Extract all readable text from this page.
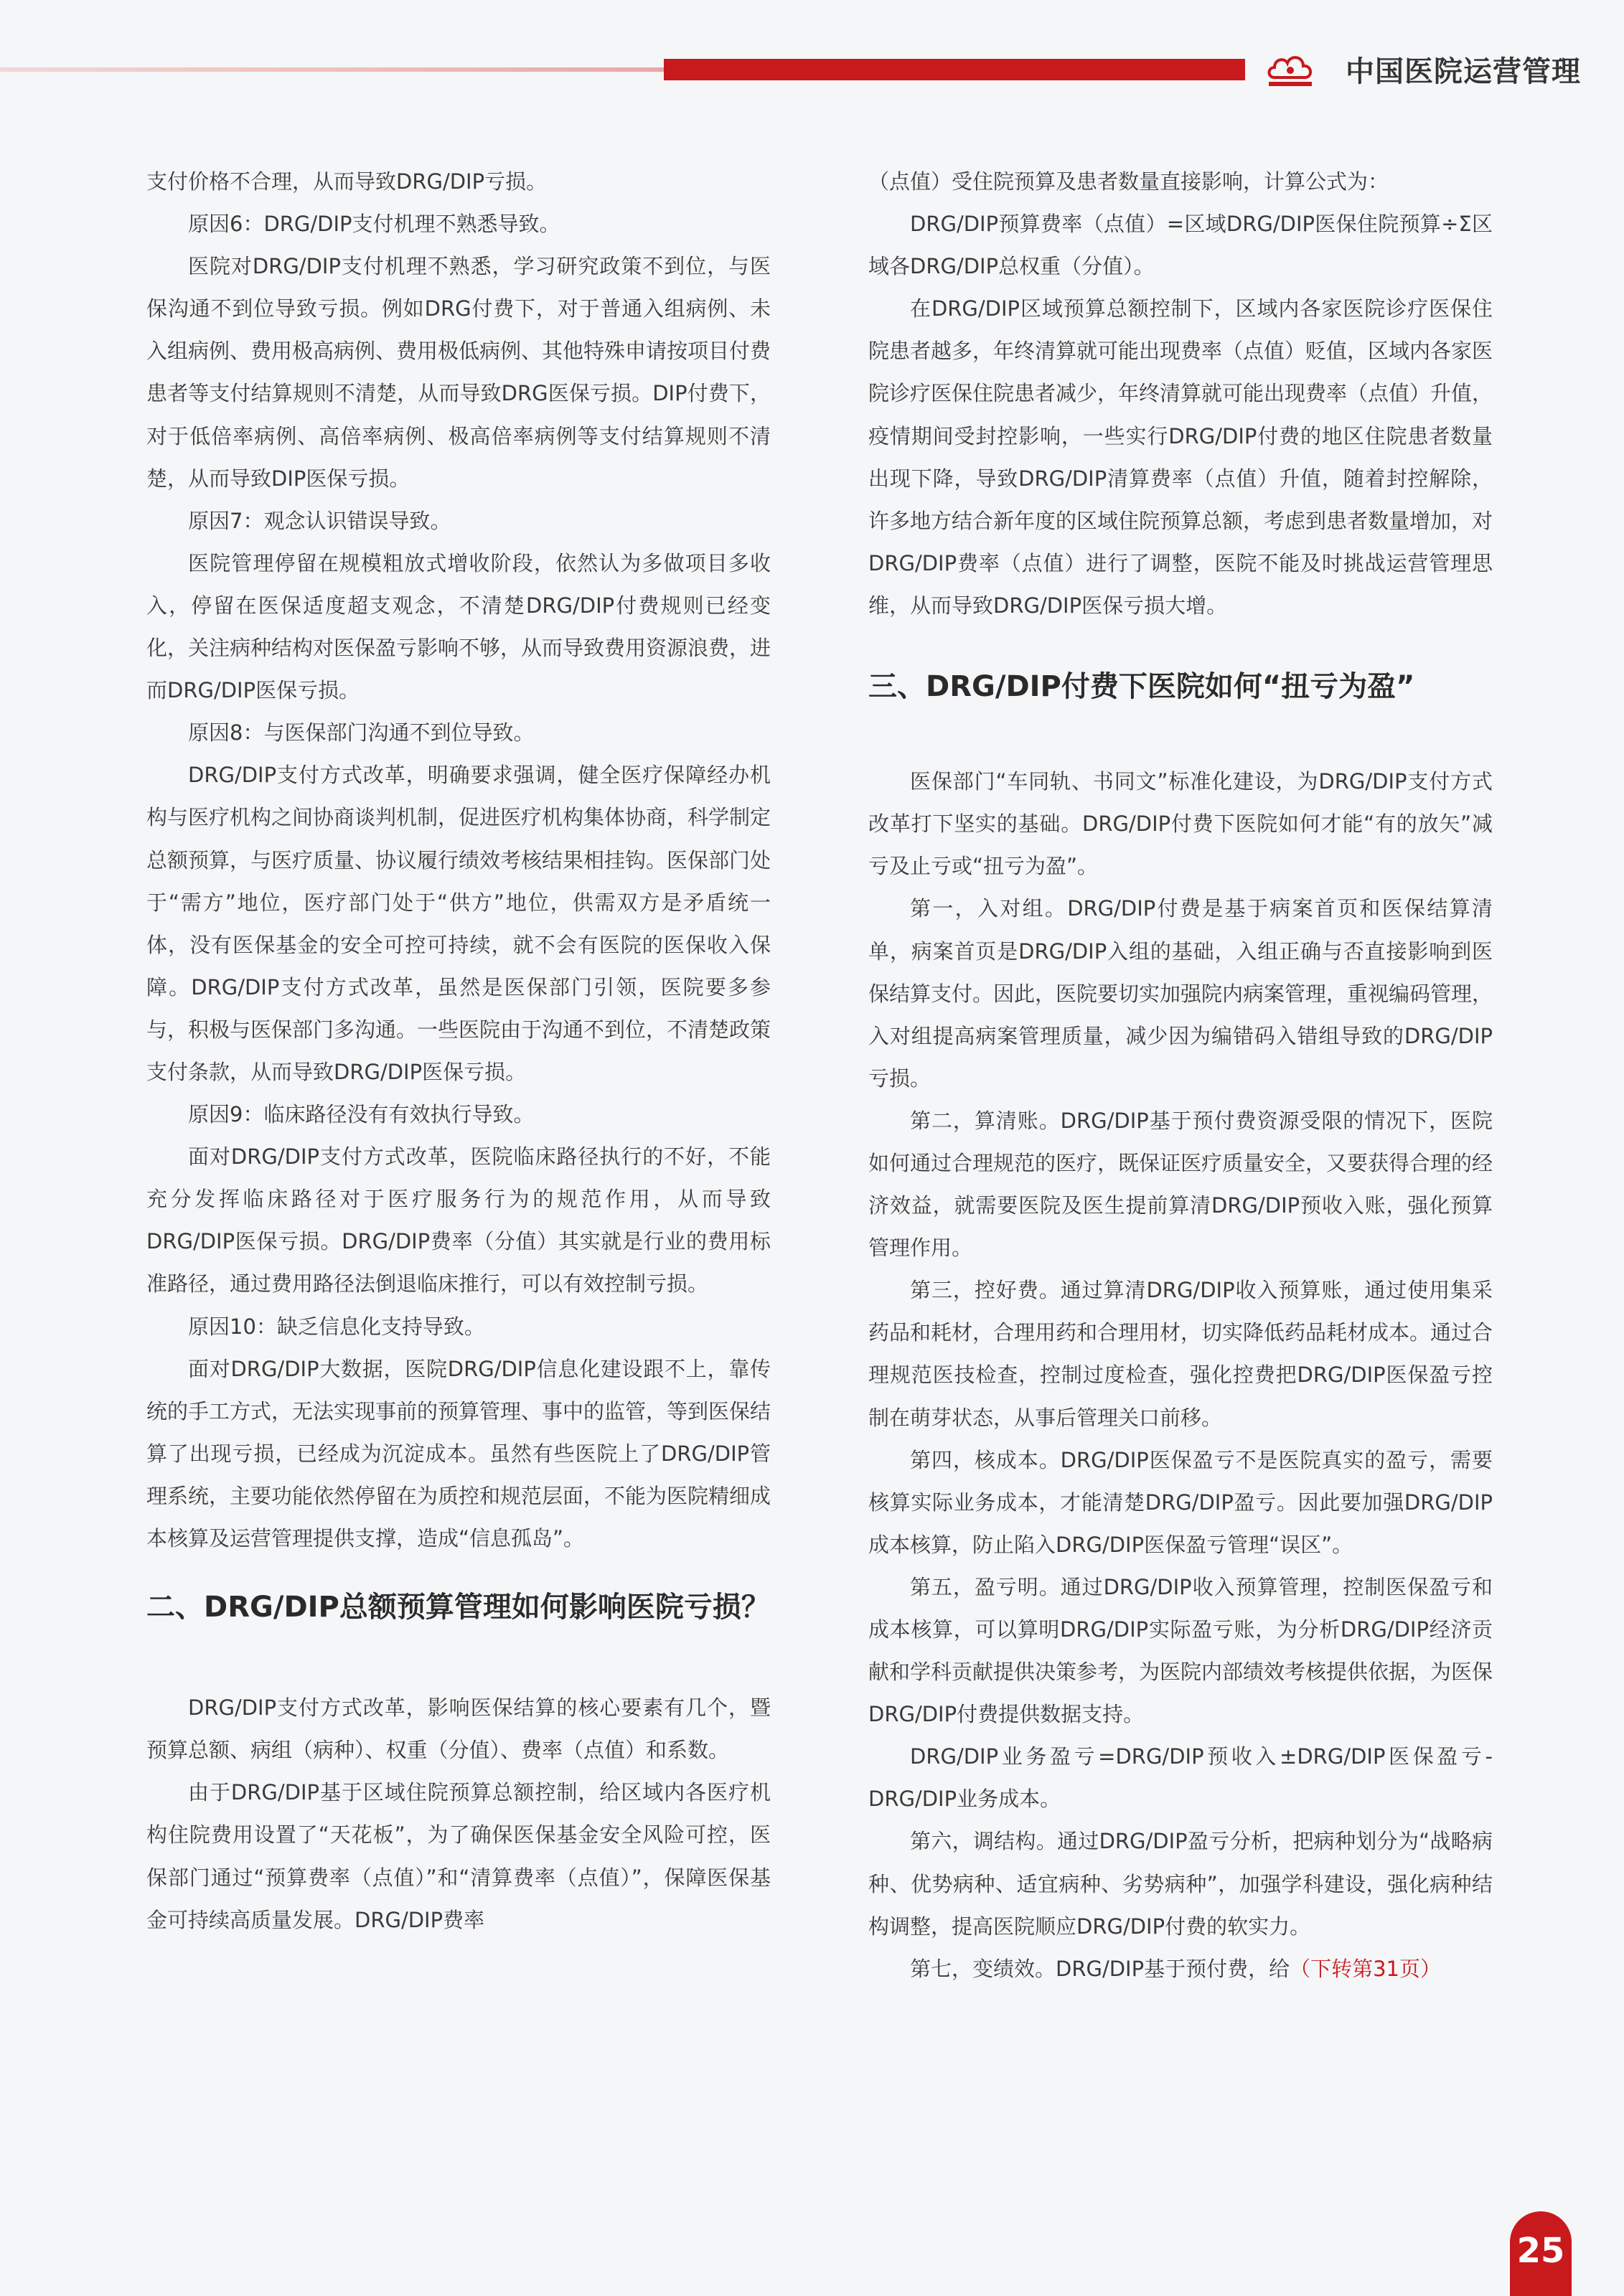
中国医院运营管理

支付价格不合理，从而导致DRG/DIP亏损。

原因6：DRG/DIP支付机理不熟悉导致。

医院对DRG/DIP支付机理不熟悉，学习研究政策不到位，与医保沟通不到位导致亏损。例如DRG付费下，对于普通入组病例、未入组病例、费用极高病例、费用极低病例、其他特殊申请按项目付费患者等支付结算规则不清楚，从而导致DRG医保亏损。DIP付费下，对于低倍率病例、高倍率病例、极高倍率病例等支付结算规则不清楚，从而导致DIP医保亏损。

原因7：观念认识错误导致。

医院管理停留在规模粗放式增收阶段，依然认为多做项目多收入，停留在医保适度超支观念，不清楚DRG/DIP付费规则已经变化，关注病种结构对医保盈亏影响不够，从而导致费用资源浪费，进而DRG/DIP医保亏损。

原因8：与医保部门沟通不到位导致。

DRG/DIP支付方式改革，明确要求强调，健全医疗保障经办机构与医疗机构之间协商谈判机制，促进医疗机构集体协商，科学制定总额预算，与医疗质量、协议履行绩效考核结果相挂钩。医保部门处于“需方”地位，医疗部门处于“供方”地位，供需双方是矛盾统一体，没有医保基金的安全可控可持续，就不会有医院的医保收入保障。DRG/DIP支付方式改革，虽然是医保部门引领，医院要多参与，积极与医保部门多沟通。一些医院由于沟通不到位，不清楚政策支付条款，从而导致DRG/DIP医保亏损。

原因9：临床路径没有有效执行导致。

面对DRG/DIP支付方式改革，医院临床路径执行的不好，不能充分发挥临床路径对于医疗服务行为的规范作用，从而导致DRG/DIP医保亏损。DRG/DIP费率（分值）其实就是行业的费用标准路径，通过费用路径法倒退临床推行，可以有效控制亏损。

原因10：缺乏信息化支持导致。

面对DRG/DIP大数据，医院DRG/DIP信息化建设跟不上，靠传统的手工方式，无法实现事前的预算管理、事中的监管，等到医保结算了出现亏损，已经成为沉淀成本。虽然有些医院上了DRG/DIP管理系统，主要功能依然停留在为质控和规范层面，不能为医院精细成本核算及运营管理提供支撑，造成“信息孤岛”。

二、DRG/DIP总额预算管理如何影响医院亏损？

DRG/DIP支付方式改革，影响医保结算的核心要素有几个，暨预算总额、病组（病种）、权重（分值）、费率（点值）和系数。

由于DRG/DIP基于区域住院预算总额控制，给区域内各医疗机构住院费用设置了“天花板”，为了确保医保基金安全风险可控，医保部门通过“预算费率（点值）”和“清算费率（点值）”，保障医保基金可持续高质量发展。DRG/DIP费率

（点值）受住院预算及患者数量直接影响，计算公式为：

DRG/DIP预算费率（点值）=区域DRG/DIP医保住院预算÷Σ区域各DRG/DIP总权重（分值）。

在DRG/DIP区域预算总额控制下，区域内各家医院诊疗医保住院患者越多，年终清算就可能出现费率（点值）贬值，区域内各家医院诊疗医保住院患者减少，年终清算就可能出现费率（点值）升值，疫情期间受封控影响，一些实行DRG/DIP付费的地区住院患者数量出现下降，导致DRG/DIP清算费率（点值）升值，随着封控解除，许多地方结合新年度的区域住院预算总额，考虑到患者数量增加，对DRG/DIP费率（点值）进行了调整，医院不能及时挑战运营管理思维，从而导致DRG/DIP医保亏损大增。

三、DRG/DIP付费下医院如何“扭亏为盈”

医保部门“车同轨、书同文”标准化建设，为DRG/DIP支付方式改革打下坚实的基础。DRG/DIP付费下医院如何才能“有的放矢”减亏及止亏或“扭亏为盈”。

第一，入对组。DRG/DIP付费是基于病案首页和医保结算清单，病案首页是DRG/DIP入组的基础，入组正确与否直接影响到医保结算支付。因此，医院要切实加强院内病案管理，重视编码管理，入对组提高病案管理质量，减少因为编错码入错组导致的DRG/DIP亏损。

第二，算清账。DRG/DIP基于预付费资源受限的情况下，医院如何通过合理规范的医疗，既保证医疗质量安全，又要获得合理的经济效益，就需要医院及医生提前算清DRG/DIP预收入账，强化预算管理作用。

第三，控好费。通过算清DRG/DIP收入预算账，通过使用集采药品和耗材，合理用药和合理用材，切实降低药品耗材成本。通过合理规范医技检查，控制过度检查，强化控费把DRG/DIP医保盈亏控制在萌芽状态，从事后管理关口前移。

第四，核成本。DRG/DIP医保盈亏不是医院真实的盈亏，需要核算实际业务成本，才能清楚DRG/DIP盈亏。因此要加强DRG/DIP成本核算，防止陷入DRG/DIP医保盈亏管理“误区”。

第五，盈亏明。通过DRG/DIP收入预算管理，控制医保盈亏和成本核算，可以算明DRG/DIP实际盈亏账，为分析DRG/DIP经济贡献和学科贡献提供决策参考，为医院内部绩效考核提供依据，为医保DRG/DIP付费提供数据支持。

DRG/DIP业务盈亏=DRG/DIP预收入±DRG/DIP医保盈亏-DRG/DIP业务成本。

第六，调结构。通过DRG/DIP盈亏分析，把病种划分为“战略病种、优势病种、适宜病种、劣势病种”，加强学科建设，强化病种结构调整，提高医院顺应DRG/DIP付费的软实力。

第七，变绩效。DRG/DIP基于预付费，给（下转第31页）

25
